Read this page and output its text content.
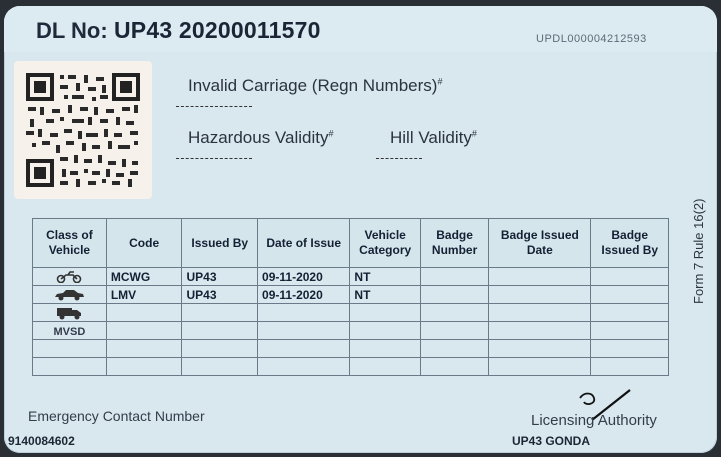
DL No: UP43 20200011570	UPDL000004212593
Invalid Carriage (Regn Numbers)#
Hazardous Validity#	Hill Validity#
Form 7 Rule 16(2)
Class of Vehicle	Code	Issued By	Date of Issue	Vehicle Category	Badge Number	Badge Issued Date	Badge Issued By
	MCWG	UP43	09-11-2020	NT			
	LMV	UP43	09-11-2020	NT			

MVSD							

Emergency Contact Number
9140084602
Licensing Authority
UP43 GONDA
